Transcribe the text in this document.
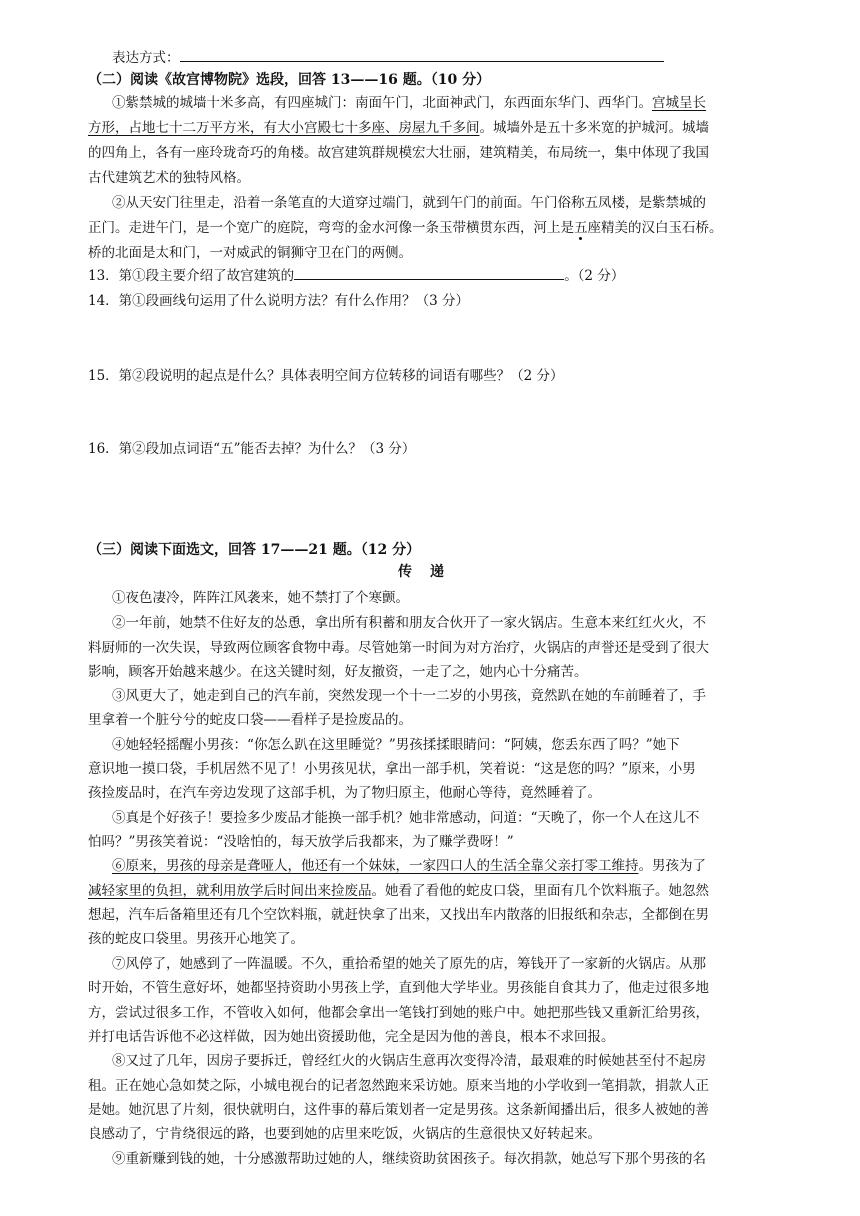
表达方式：
（二）阅读《故宫博物院》选段，回答 13——16 题。（10 分）
①紫禁城的城墙十米多高，有四座城门：南面午门，北面神武门，东西面东华门、西华门。宫城呈长
方形，占地七十二万平方米，有大小宫殿七十多座、房屋九千多间。城墙外是五十多米宽的护城河。城墙
的四角上，各有一座玲珑奇巧的角楼。故宫建筑群规模宏大壮丽，建筑精美，布局统一，集中体现了我国
古代建筑艺术的独特风格。
②从天安门往里走，沿着一条笔直的大道穿过端门，就到午门的前面。午门俗称五凤楼，是紫禁城的
正门。走进午门，是一个宽广的庭院，弯弯的金水河像一条玉带横贯东西，河上是五座精美的汉白玉石桥。
桥的北面是太和门，一对威武的铜狮守卫在门的两侧。
13．第①段主要介绍了故宫建筑的	。（2 分）
14．第①段画线句运用了什么说明方法？有什么作用？（3 分）
15．第②段说明的起点是什么？具体表明空间方位转移的词语有哪些？（2 分）
16．第②段加点词语“五”能否去掉？为什么？（3 分）
（三）阅读下面选文，回答 17——21 题。（12 分）
传递
①夜色凄冷，阵阵江风袭来，她不禁打了个寒颤。
②一年前，她禁不住好友的怂恿，拿出所有积蓄和朋友合伙开了一家火锅店。生意本来红红火火，不
料厨师的一次失误，导致两位顾客食物中毒。尽管她第一时间为对方治疗，火锅店的声誉还是受到了很大
影响，顾客开始越来越少。在这关键时刻，好友撤资，一走了之，她内心十分痛苦。
③风更大了，她走到自己的汽车前，突然发现一个十一二岁的小男孩，竟然趴在她的车前睡着了，手
里拿着一个脏兮兮的蛇皮口袋——看样子是捡废品的。
④她轻轻摇醒小男孩：“你怎么趴在这里睡觉？”男孩揉揉眼睛问：“阿姨，您丢东西了吗？”她下
意识地一摸口袋，手机居然不见了！小男孩见状，拿出一部手机，笑着说：“这是您的吗？”原来，小男
孩捡废品时，在汽车旁边发现了这部手机，为了物归原主，他耐心等待，竟然睡着了。
⑤真是个好孩子！要捡多少废品才能换一部手机？她非常感动，问道：“天晚了，你一个人在这儿不
怕吗？”男孩笑着说：“没啥怕的，每天放学后我都来，为了赚学费呀！”
⑥原来，男孩的母亲是聋哑人，他还有一个妹妹，一家四口人的生活全靠父亲打零工维持。男孩为了
减轻家里的负担，就利用放学后时间出来捡废品。她看了看他的蛇皮口袋，里面有几个饮料瓶子。她忽然
想起，汽车后备箱里还有几个空饮料瓶，就赶快拿了出来，又找出车内散落的旧报纸和杂志，全都倒在男
孩的蛇皮口袋里。男孩开心地笑了。
⑦风停了，她感到了一阵温暖。不久，重拾希望的她关了原先的店，筹钱开了一家新的火锅店。从那
时开始，不管生意好坏，她都坚持资助小男孩上学，直到他大学毕业。男孩能自食其力了，他走过很多地
方，尝试过很多工作，不管收入如何，他都会拿出一笔钱打到她的账户中。她把那些钱又重新汇给男孩，
并打电话告诉他不必这样做，因为她出资援助他，完全是因为他的善良，根本不求回报。
⑧又过了几年，因房子要拆迁，曾经红火的火锅店生意再次变得冷清，最艰难的时候她甚至付不起房
租。正在她心急如焚之际，小城电视台的记者忽然跑来采访她。原来当地的小学收到一笔捐款，捐款人正
是她。她沉思了片刻，很快就明白，这件事的幕后策划者一定是男孩。这条新闻播出后，很多人被她的善
良感动了，宁肯绕很远的路，也要到她的店里来吃饭，火锅店的生意很快又好转起来。
⑨重新赚到钱的她，十分感激帮助过她的人，继续资助贫困孩子。每次捐款，她总写下那个男孩的名
